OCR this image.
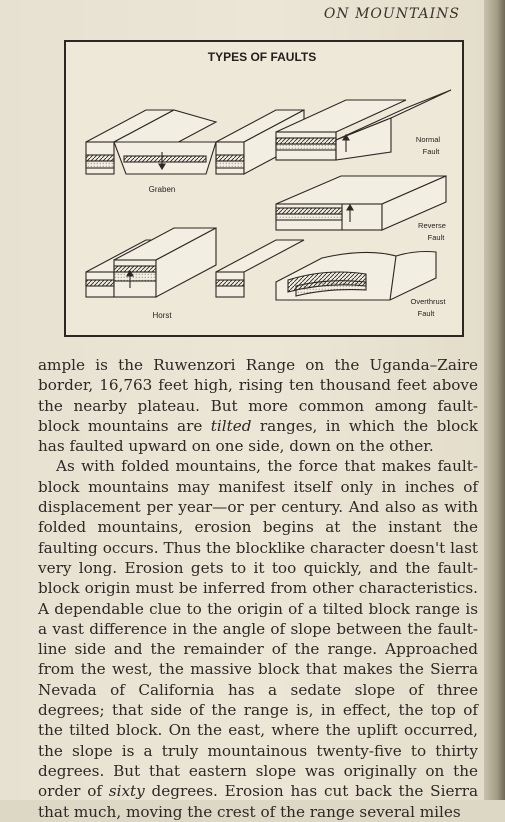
ON MOUNTAINS
TYPES OF FAULTS
Graben
Horst
Normal
Fault
Reverse
Fault
Overthrust
Fault

ample is the Ruwenzori Range on the Uganda–Zaire border, 16,763 feet high, rising ten thousand feet above the nearby plateau. But more common among fault-block mountains are tilted ranges, in which the block has faulted upward on one side, down on the other.

As with folded mountains, the force that makes fault-block mountains may manifest itself only in inches of displacement per year—or per century. And also as with folded mountains, erosion begins at the instant the faulting occurs. Thus the blocklike character doesn't last very long. Erosion gets to it too quickly, and the fault-block origin must be inferred from other characteristics. A dependable clue to the origin of a tilted block range is a vast difference in the angle of slope between the fault-line side and the remainder of the range. Approached from the west, the massive block that makes the Sierra Nevada of California has a sedate slope of three degrees; that side of the range is, in effect, the top of the tilted block. On the east, where the uplift occurred, the slope is a truly mountainous twenty-five to thirty degrees. But that eastern slope was originally on the order of sixty degrees. Erosion has cut back the Sierra that much, moving the crest of the range several miles
